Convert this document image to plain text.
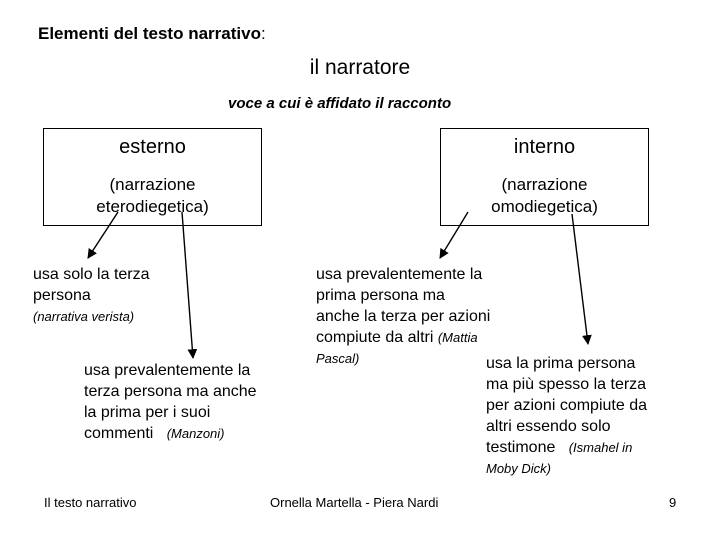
Elementi del testo narrativo:
il narratore
voce a cui è affidato il racconto
esterno
(narrazione
eterodiegetica)
interno
(narrazione
omodiegetica)
usa solo la terza
persona
(narrativa verista)
usa prevalentemente la
terza persona ma anche
la prima per i suoi
commenti (Manzoni)
usa prevalentemente la
prima persona ma
anche la terza per azioni
compiute da altri (Mattia
Pascal)	usa la prima persona
ma più spesso la terza
per azioni compiute da
altri essendo solo
testimone (Ismahel in
Moby Dick)
Il testo narrativo	Ornella Martella - Piera Nardi	9
